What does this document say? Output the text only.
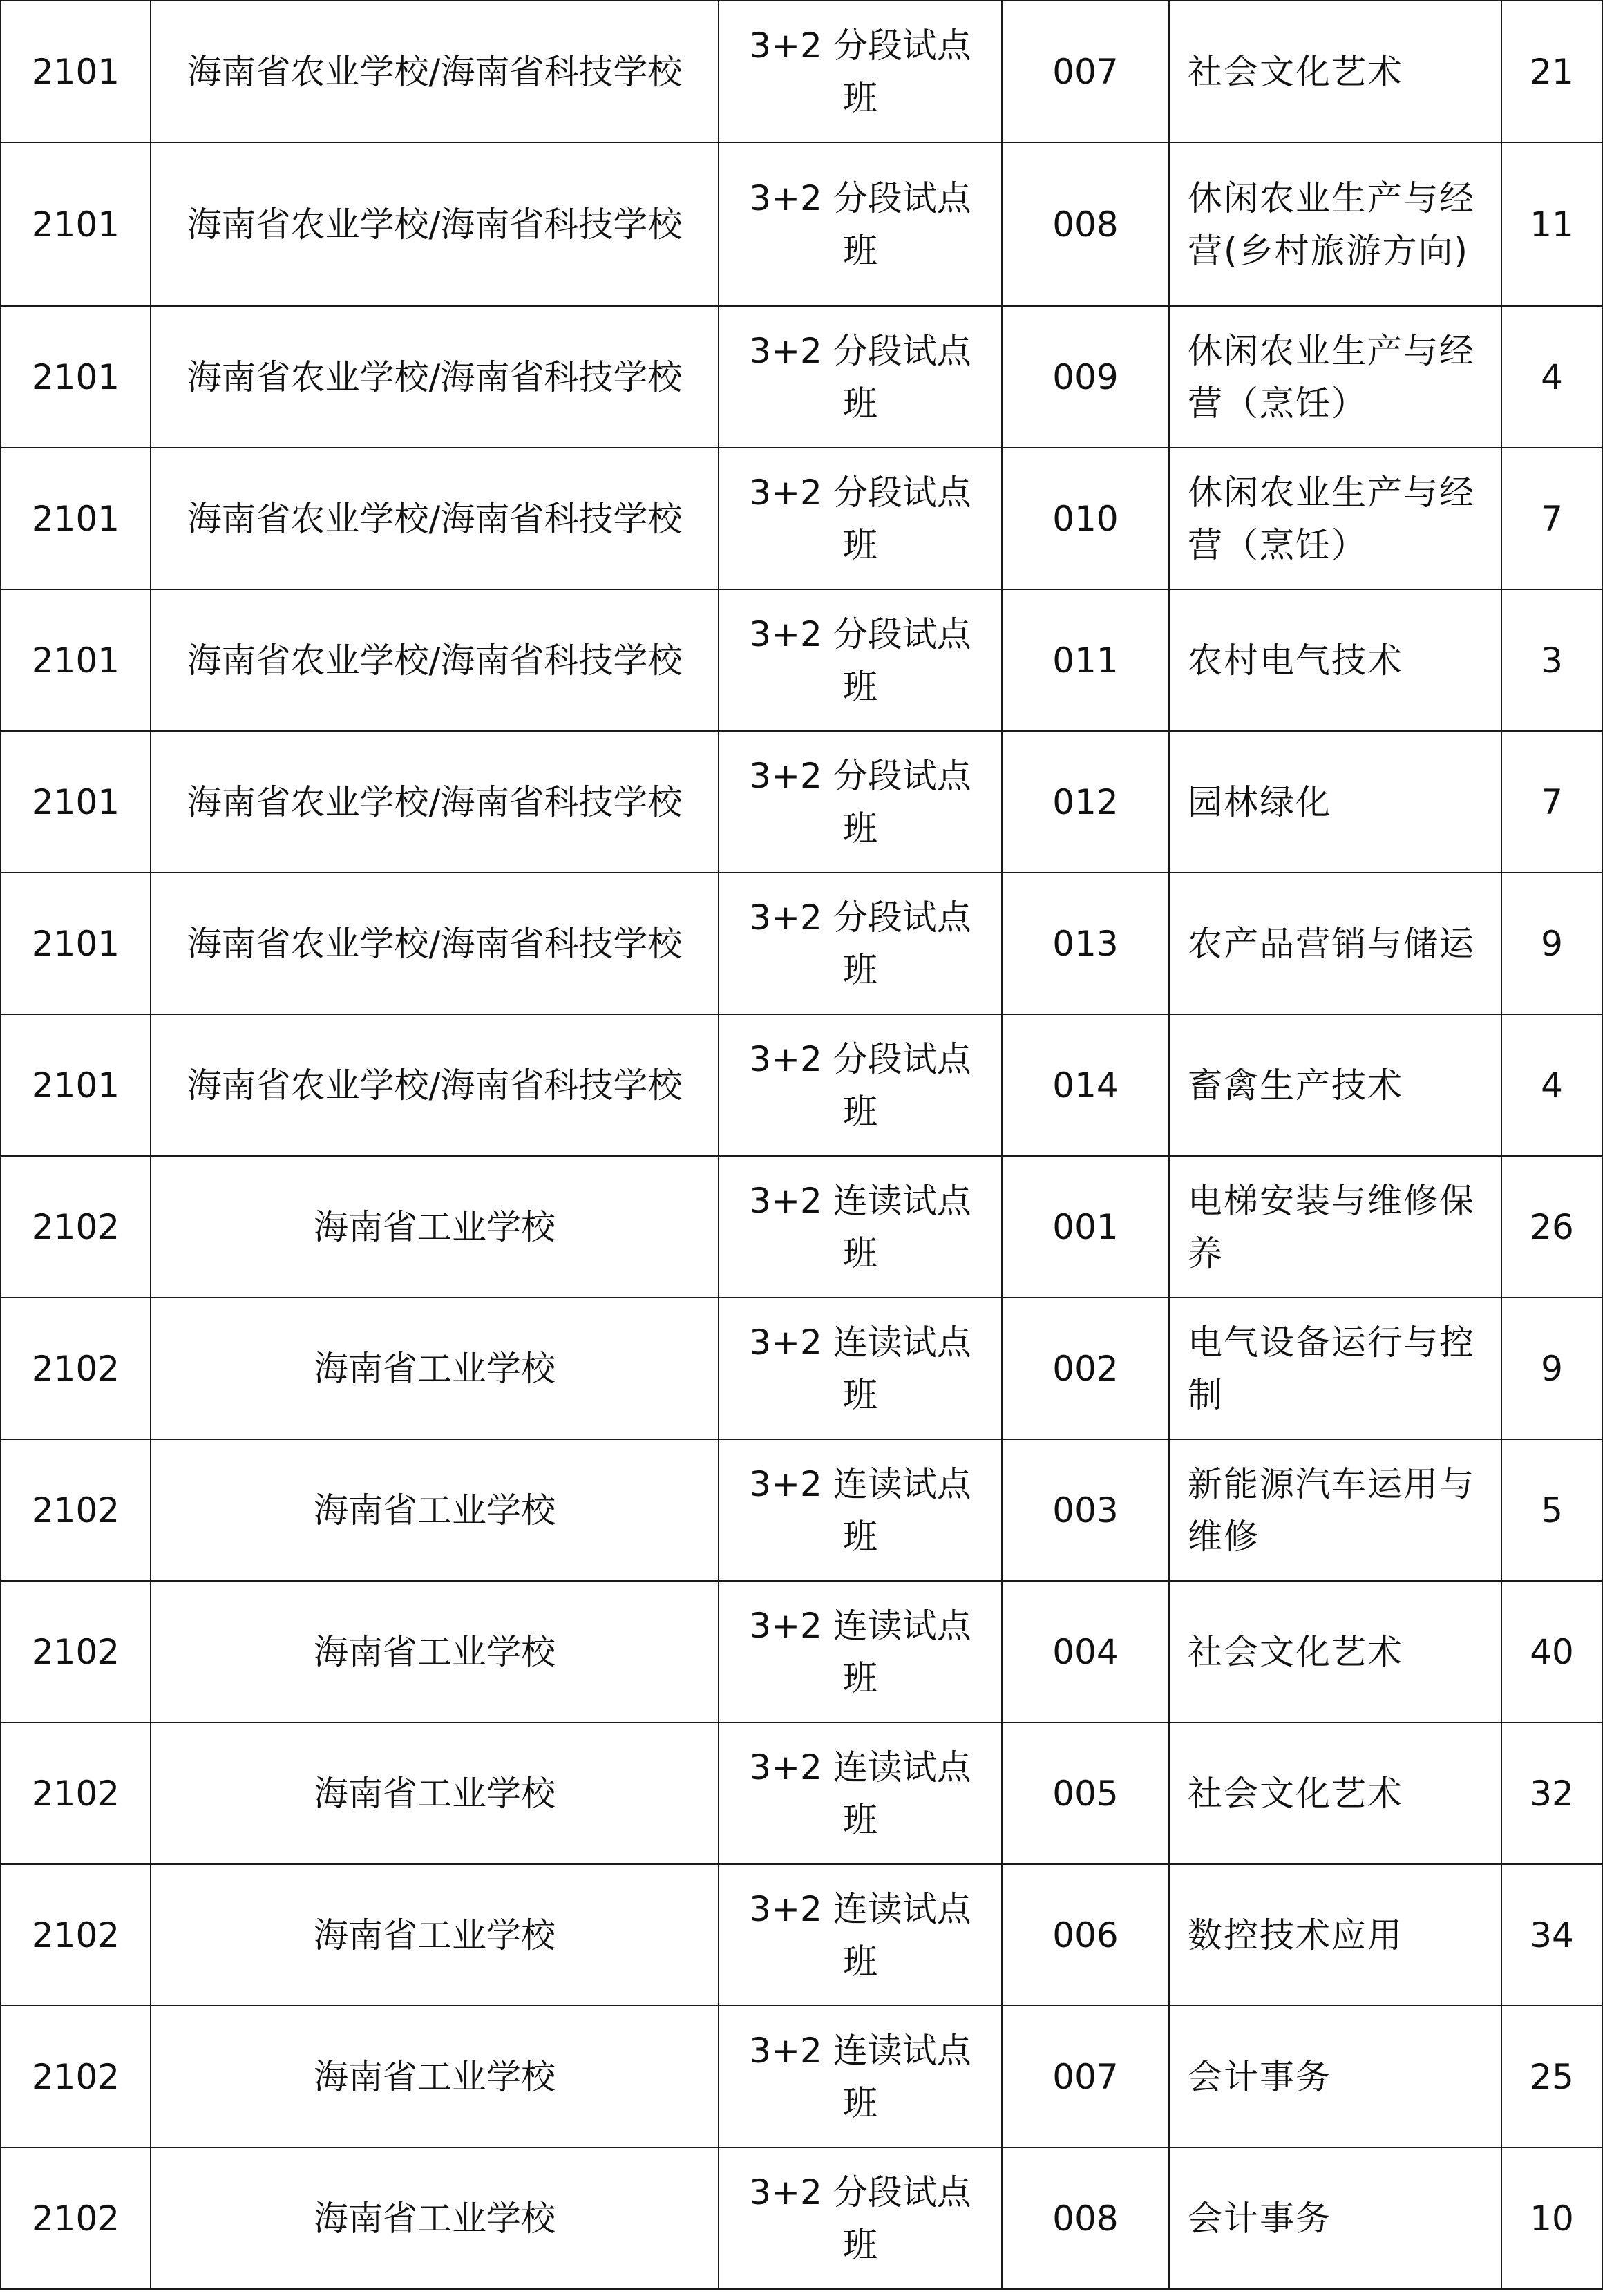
2101	海南省农业学校/海南省科技学校	3+2 分段试点班	007	社会文化艺术	21
2101	海南省农业学校/海南省科技学校	3+2 分段试点班	008	休闲农业生产与经营(乡村旅游方向)	11
2101	海南省农业学校/海南省科技学校	3+2 分段试点班	009	休闲农业生产与经营（烹饪）	4
2101	海南省农业学校/海南省科技学校	3+2 分段试点班	010	休闲农业生产与经营（烹饪）	7
2101	海南省农业学校/海南省科技学校	3+2 分段试点班	011	农村电气技术	3
2101	海南省农业学校/海南省科技学校	3+2 分段试点班	012	园林绿化	7
2101	海南省农业学校/海南省科技学校	3+2 分段试点班	013	农产品营销与储运	9
2101	海南省农业学校/海南省科技学校	3+2 分段试点班	014	畜禽生产技术	4
2102	海南省工业学校	3+2 连读试点班	001	电梯安装与维修保养	26
2102	海南省工业学校	3+2 连读试点班	002	电气设备运行与控制	9
2102	海南省工业学校	3+2 连读试点班	003	新能源汽车运用与维修	5
2102	海南省工业学校	3+2 连读试点班	004	社会文化艺术	40
2102	海南省工业学校	3+2 连读试点班	005	社会文化艺术	32
2102	海南省工业学校	3+2 连读试点班	006	数控技术应用	34
2102	海南省工业学校	3+2 连读试点班	007	会计事务	25
2102	海南省工业学校	3+2 分段试点班	008	会计事务	10
